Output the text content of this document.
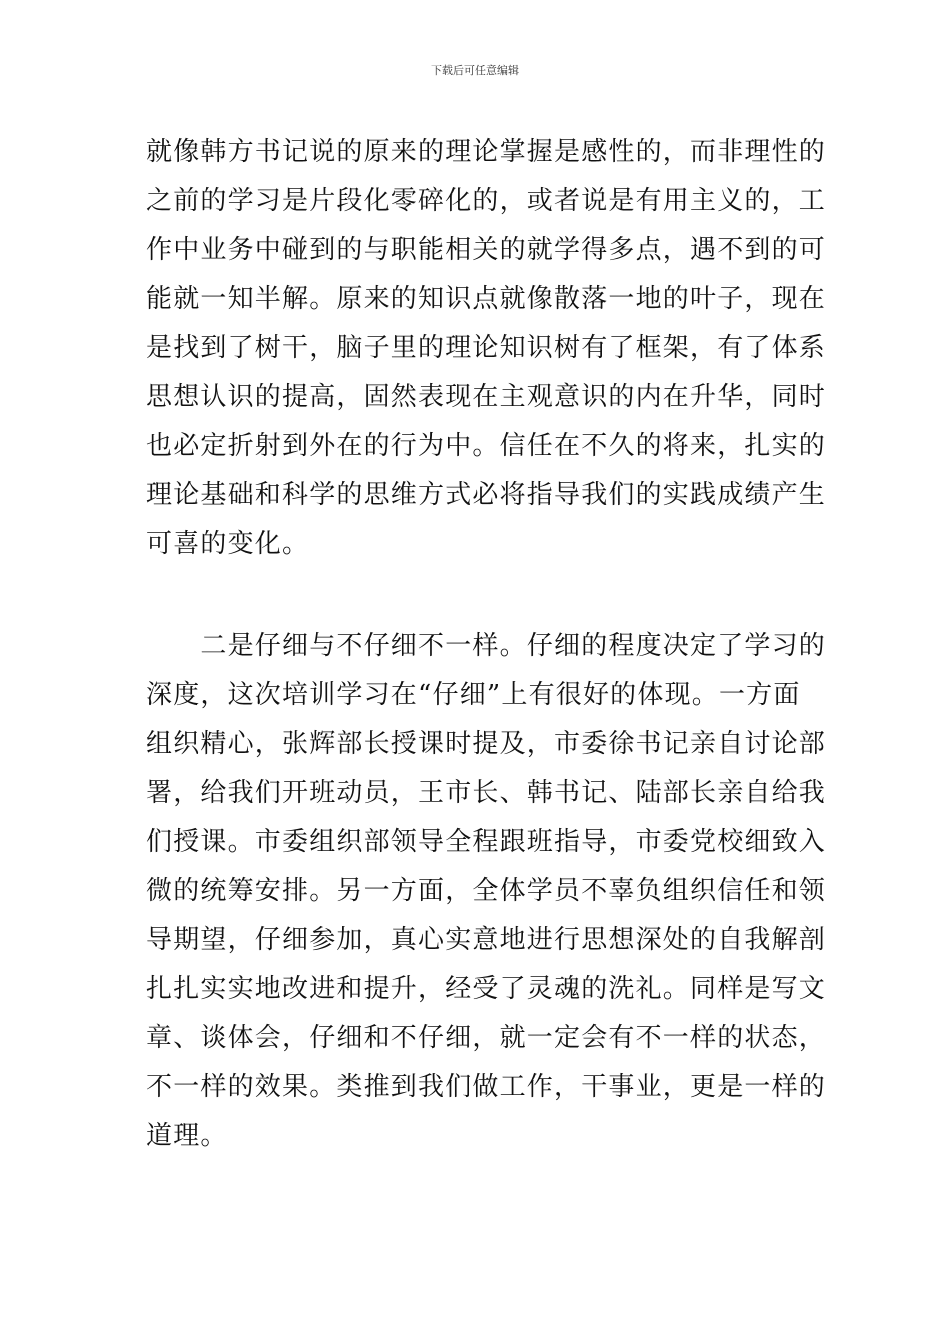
下载后可任意编辑
就像韩方书记说的原来的理论掌握是感性的，而非理性的
之前的学习是片段化零碎化的，或者说是有用主义的，工
作中业务中碰到的与职能相关的就学得多点，遇不到的可
能就一知半解。原来的知识点就像散落一地的叶子，现在
是找到了树干，脑子里的理论知识树有了框架，有了体系
思想认识的提高，固然表现在主观意识的内在升华，同时
也必定折射到外在的行为中。信任在不久的将来，扎实的
理论基础和科学的思维方式必将指导我们的实践成绩产生
可喜的变化。
　　二是仔细与不仔细不一样。仔细的程度决定了学习的
深度，这次培训学习在“仔细”上有很好的体现。一方面
组织精心，张辉部长授课时提及，市委徐书记亲自讨论部
署，给我们开班动员，王市长、韩书记、陆部长亲自给我
们授课。市委组织部领导全程跟班指导，市委党校细致入
微的统筹安排。另一方面，全体学员不辜负组织信任和领
导期望，仔细参加，真心实意地进行思想深处的自我解剖
扎扎实实地改进和提升，经受了灵魂的洗礼。同样是写文
章、谈体会，仔细和不仔细，就一定会有不一样的状态，
不一样的效果。类推到我们做工作，干事业，更是一样的
道理。
